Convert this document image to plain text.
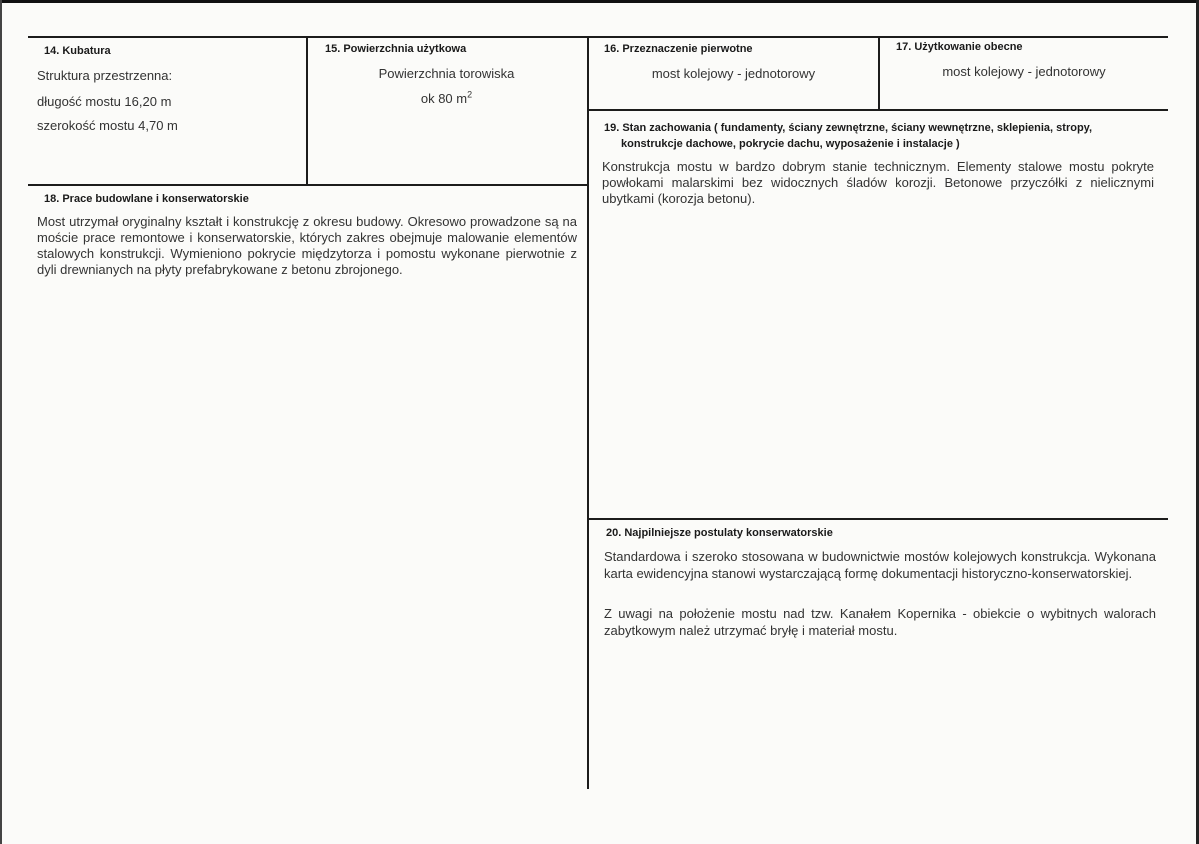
14. Kubatura
Struktura przestrzenna:
długość mostu 16,20 m
szerokość mostu 4,70 m
15. Powierzchnia użytkowa
Powierzchnia torowiska
ok 80 $m^2$
16. Przeznaczenie pierwotne
most kolejowy - jednotorowy
17. Użytkowanie obecne
most kolejowy - jednotorowy
18. Prace budowlane i konserwatorskie
Most utrzymał oryginalny kształt i konstrukcję z okresu budowy. Okresowo prowadzone są na moście prace remontowe i konserwatorskie, których zakres obejmuje malowanie elementów stalowych konstrukcji. Wymieniono pokrycie międzytorza i pomostu wykonane pierwotnie z dyli drewnianych na płyty prefabrykowane z betonu zbrojonego.
19. Stan zachowania ( fundamenty, ściany zewnętrzne, ściany wewnętrzne, sklepienia, stropy,
konstrukcje dachowe, pokrycie dachu, wyposażenie i instalacje )
Konstrukcja mostu w bardzo dobrym stanie technicznym. Elementy stalowe mostu pokryte powłokami malarskimi bez widocznych śladów korozji. Betonowe przyczółki z nielicznymi ubytkami (korozja betonu).
20. Najpilniejsze postulaty konserwatorskie
Standardowa i szeroko stosowana w budownictwie mostów kolejowych konstrukcja. Wykonana karta ewidencyjna stanowi wystarczającą formę dokumentacji historyczno-konserwatorskiej.
Z uwagi na położenie mostu nad tzw. Kanałem Kopernika - obiekcie o wybitnych walorach zabytkowym należ utrzymać bryłę i materiał mostu.
